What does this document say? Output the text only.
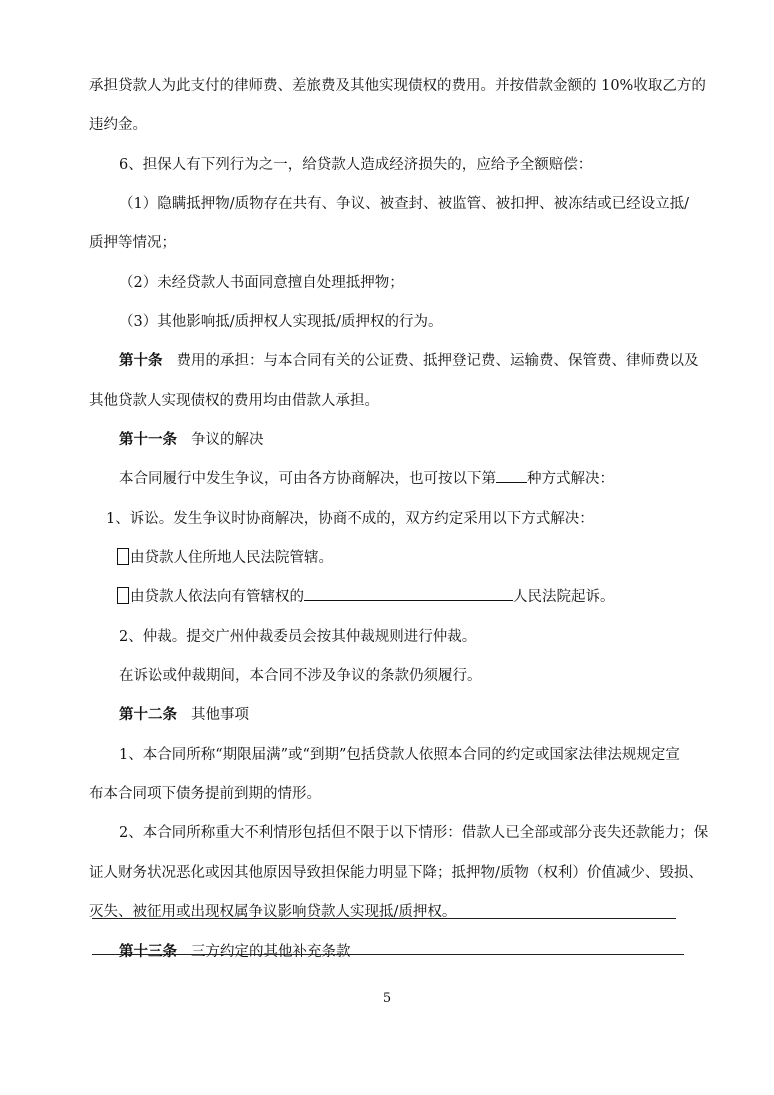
承担贷款人为此支付的律师费、差旅费及其他实现债权的费用。并按借款金额的 10%收取乙方的
违约金。
6、担保人有下列行为之一，给贷款人造成经济损失的，应给予全额赔偿：
（1）隐瞒抵押物/质物存在共有、争议、被查封、被监管、被扣押、被冻结或已经设立抵/
质押等情况；
（2）未经贷款人书面同意擅自处理抵押物；
（3）其他影响抵/质押权人实现抵/质押权的行为。
第十条 费用的承担：与本合同有关的公证费、抵押登记费、运输费、保管费、律师费以及
其他贷款人实现债权的费用均由借款人承担。
第十一条 争议的解决
本合同履行中发生争议，可由各方协商解决，也可按以下第 种方式解决：
1、诉讼。发生争议时协商解决，协商不成的，双方约定采用以下方式解决：
由贷款人住所地人民法院管辖。
由贷款人依法向有管辖权的	人民法院起诉。
2、仲裁。提交广州仲裁委员会按其仲裁规则进行仲裁。
在诉讼或仲裁期间，本合同不涉及争议的条款仍须履行。
第十二条 其他事项
1、本合同所称“期限届满”或“到期”包括贷款人依照本合同的约定或国家法律法规规定宣
布本合同项下债务提前到期的情形。
2、本合同所称重大不利情形包括但不限于以下情形：借款人已全部或部分丧失还款能力；保
证人财务状况恶化或因其他原因导致担保能力明显下降；抵押物/质物（权利）价值减少、毁损、
灭失、被征用或出现权属争议影响贷款人实现抵/质押权。
第十三条 三方约定的其他补充条款
5
